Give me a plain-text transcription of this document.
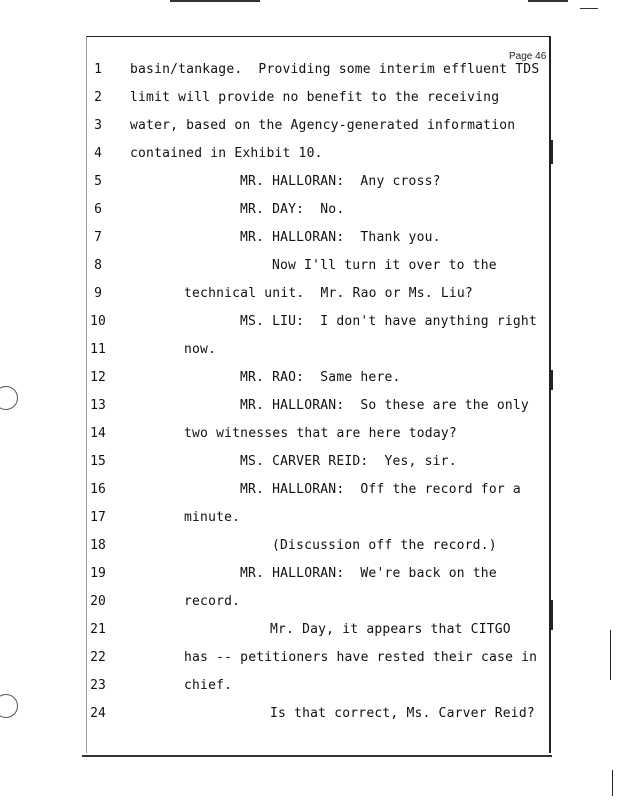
Page 46
1	basin/tankage.  Providing some interim effluent TDS
2	limit will provide no benefit to the receiving
3	water, based on the Agency-generated information
4	contained in Exhibit 10.
5	MR. HALLORAN:  Any cross?
6	MR. DAY:  No.
7	MR. HALLORAN:  Thank you.
8	Now I'll turn it over to the
9	technical unit.  Mr. Rao or Ms. Liu?
10	MS. LIU:  I don't have anything right
11	now.
12	MR. RAO:  Same here.
13	MR. HALLORAN:  So these are the only
14	two witnesses that are here today?
15	MS. CARVER REID:  Yes, sir.
16	MR. HALLORAN:  Off the record for a
17	minute.
18	(Discussion off the record.)
19	MR. HALLORAN:  We're back on the
20	record.
21	Mr. Day, it appears that CITGO
22	has -- petitioners have rested their case in
23	chief.
24	Is that correct, Ms. Carver Reid?
